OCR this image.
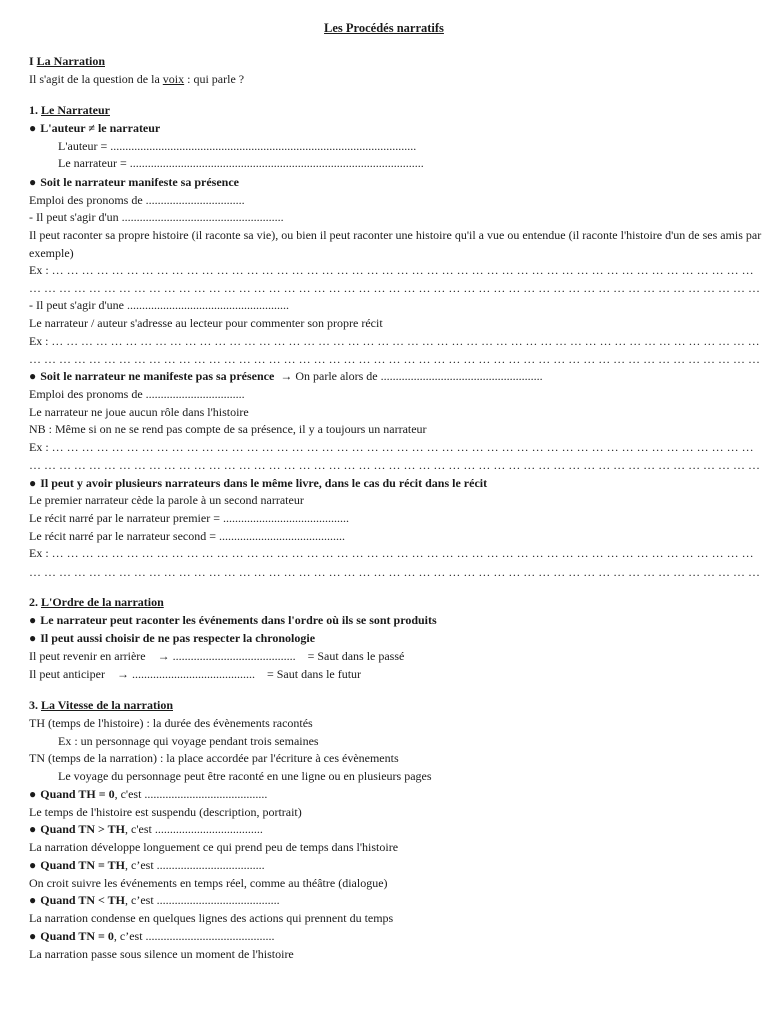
Les Procédés narratifs
I La Narration
Il s'agit de la question de la voix : qui parle ?
1. Le Narrateur
● L'auteur ≠ le narrateur
L'auteur = ......................................................................................................
Le narrateur = ..................................................................................................
● Soit le narrateur manifeste sa présence
Emploi des pronoms de .................................
- Il peut s'agir d'un ......................................................
Il peut raconter sa propre histoire (il raconte sa vie), ou bien il peut raconter une histoire qu'il a vue ou entendue (il raconte l'histoire d'un de ses amis par exemple)
Ex : … … … … … … … … … … … … … … … … … … … … … … … … … … … … … … … … … … … … … … … … … … … … … … …
… … … … … … … … … … … … … … … … … … … … … … … … … … … … … … … … … … … … … … … … … … … … … … … … …
- Il peut s'agir d'une ......................................................
Le narrateur / auteur s'adresse au lecteur pour commenter son propre récit
Ex : … … … … … … … … … … … … … … … … … … … … … … … … … … … … … … … … … … … … … … … … … … … … … … … …
… … … … … … … … … … … … … … … … … … … … … … … … … … … … … … … … … … … … … … … … … … … … … … … … …
● Soit le narrateur ne manifeste pas sa présence  → On parle alors de ......................................................
Emploi des pronoms de .................................
Le narrateur ne joue aucun rôle dans l'histoire
NB : Même si on ne se rend pas compte de sa présence, il y a toujours un narrateur
Ex : … … … … … … … … … … … … … … … … … … … … … … … … … … … … … … … … … … … … … … … … … … … … … … …
… … … … … … … … … … … … … … … … … … … … … … … … … … … … … … … … … … … … … … … … … … … … … … … … …
● Il peut y avoir plusieurs narrateurs dans le même livre, dans le cas du récit dans le récit
Le premier narrateur cède la parole à un second narrateur
Le récit narré par le narrateur premier = ..........................................
Le récit narré par le narrateur second = ..........................................
Ex : … … … … … … … … … … … … … … … … … … … … … … … … … … … … … … … … … … … … … … … … … … … … … … …
… … … … … … … … … … … … … … … … … … … … … … … … … … … … … … … … … … … … … … … … … … … … … … … … …
2. L'Ordre de la narration
● Le narrateur peut raconter les événements dans l'ordre où ils se sont produits
● Il peut aussi choisir de ne pas respecter la chronologie
Il peut revenir en arrière    → .........................................    = Saut dans le passé
Il peut anticiper    → .........................................    = Saut dans le futur
3. La Vitesse de la narration
TH (temps de l'histoire) : la durée des évènements racontés
Ex : un personnage qui voyage pendant trois semaines
TN (temps de la narration) : la place accordée par l'écriture à ces évènements
Le voyage du personnage peut être raconté en une ligne ou en plusieurs pages
● Quand TH = 0, c'est .........................................
Le temps de l'histoire est suspendu (description, portrait)
● Quand TN > TH, c'est ....................................
La narration développe longuement ce qui prend peu de temps dans l'histoire
● Quand TN = TH, c’est ....................................
On croit suivre les événements en temps réel, comme au théâtre (dialogue)
● Quand TN < TH, c’est .........................................
La narration condense en quelques lignes des actions qui prennent du temps
● Quand TN = 0, c’est ...........................................
La narration passe sous silence un moment de l'histoire
